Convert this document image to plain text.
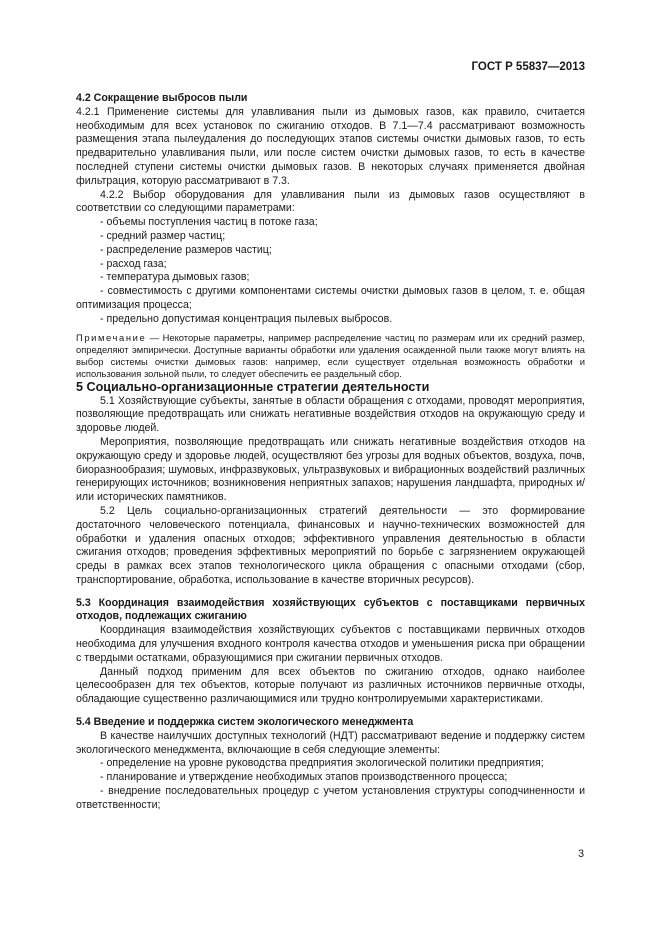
ГОСТ Р 55837—2013

4.2 Сокращение выбросов пыли

4.2.1 Применение системы для улавливания пыли из дымовых газов, как правило, считается необходимым для всех установок по сжиганию отходов. В 7.1—7.4 рассматривают возможность размещения этапа пылеудаления до последующих этапов системы очистки дымовых газов, то есть предварительно улавливания пыли, или после систем очистки дымовых газов, то есть в качестве последней ступени системы очистки дымовых газов. В некоторых случаях применяется двойная фильтрация, которую рассматривают в 7.3.

4.2.2 Выбор оборудования для улавливания пыли из дымовых газов осуществляют в соответствии со следующими параметрами:

- объемы поступления частиц в потоке газа;
- средний размер частиц;
- распределение размеров частиц;
- расход газа;
- температура дымовых газов;
- совместимость с другими компонентами системы очистки дымовых газов в целом, т. е. общая оптимизация процесса;
- предельно допустимая концентрация пылевых выбросов.

Примечание — Некоторые параметры, например распределение частиц по размерам или их средний размер, определяют эмпирически. Доступные варианты обработки или удаления осажденной пыли также могут влиять на выбор системы очистки дымовых газов: например, если существует отдельная возможность обработки и использования зольной пыли, то следует обеспечить ее раздельный сбор.

5 Социально-организационные стратегии деятельности

5.1 Хозяйствующие субъекты, занятые в области обращения с отходами, проводят мероприятия, позволяющие предотвращать или снижать негативные воздействия отходов на окружающую среду и здоровье людей.

Мероприятия, позволяющие предотвращать или снижать негативные воздействия отходов на окружающую среду и здоровье людей, осуществляют без угрозы для водных объектов, воздуха, почв, биоразнообразия; шумовых, инфразвуковых, ультразвуковых и вибрационных воздействий различных генерирующих источников; возникновения неприятных запахов; нарушения ландшафта, природных и/или исторических памятников.

5.2 Цель социально-организационных стратегий деятельности — это формирование достаточного человеческого потенциала, финансовых и научно-технических возможностей для обработки и удаления опасных отходов; эффективного управления деятельностью в области сжигания отходов; проведения эффективных мероприятий по борьбе с загрязнением окружающей среды в рамках всех этапов технологического цикла обращения с опасными отходами (сбор, транспортирование, обработка, использование в качестве вторичных ресурсов).

5.3 Координация взаимодействия хозяйствующих субъектов с поставщиками первичных отходов, подлежащих сжиганию

Координация взаимодействия хозяйствующих субъектов с поставщиками первичных отходов необходима для улучшения входного контроля качества отходов и уменьшения риска при обращении с твердыми остатками, образующимися при сжигании первичных отходов.

Данный подход применим для всех объектов по сжиганию отходов, однако наиболее целесообразен для тех объектов, которые получают из различных источников первичные отходы, обладающие существенно различающимися или трудно контролируемыми характеристиками.

5.4 Введение и поддержка систем экологического менеджмента

В качестве наилучших доступных технологий (НДТ) рассматривают ведение и поддержку систем экологического менеджмента, включающие в себя следующие элементы:

- определение на уровне руководства предприятия экологической политики предприятия;
- планирование и утверждение необходимых этапов производственного процесса;
- внедрение последовательных процедур с учетом установления структуры соподчиненности и ответственности;
3
